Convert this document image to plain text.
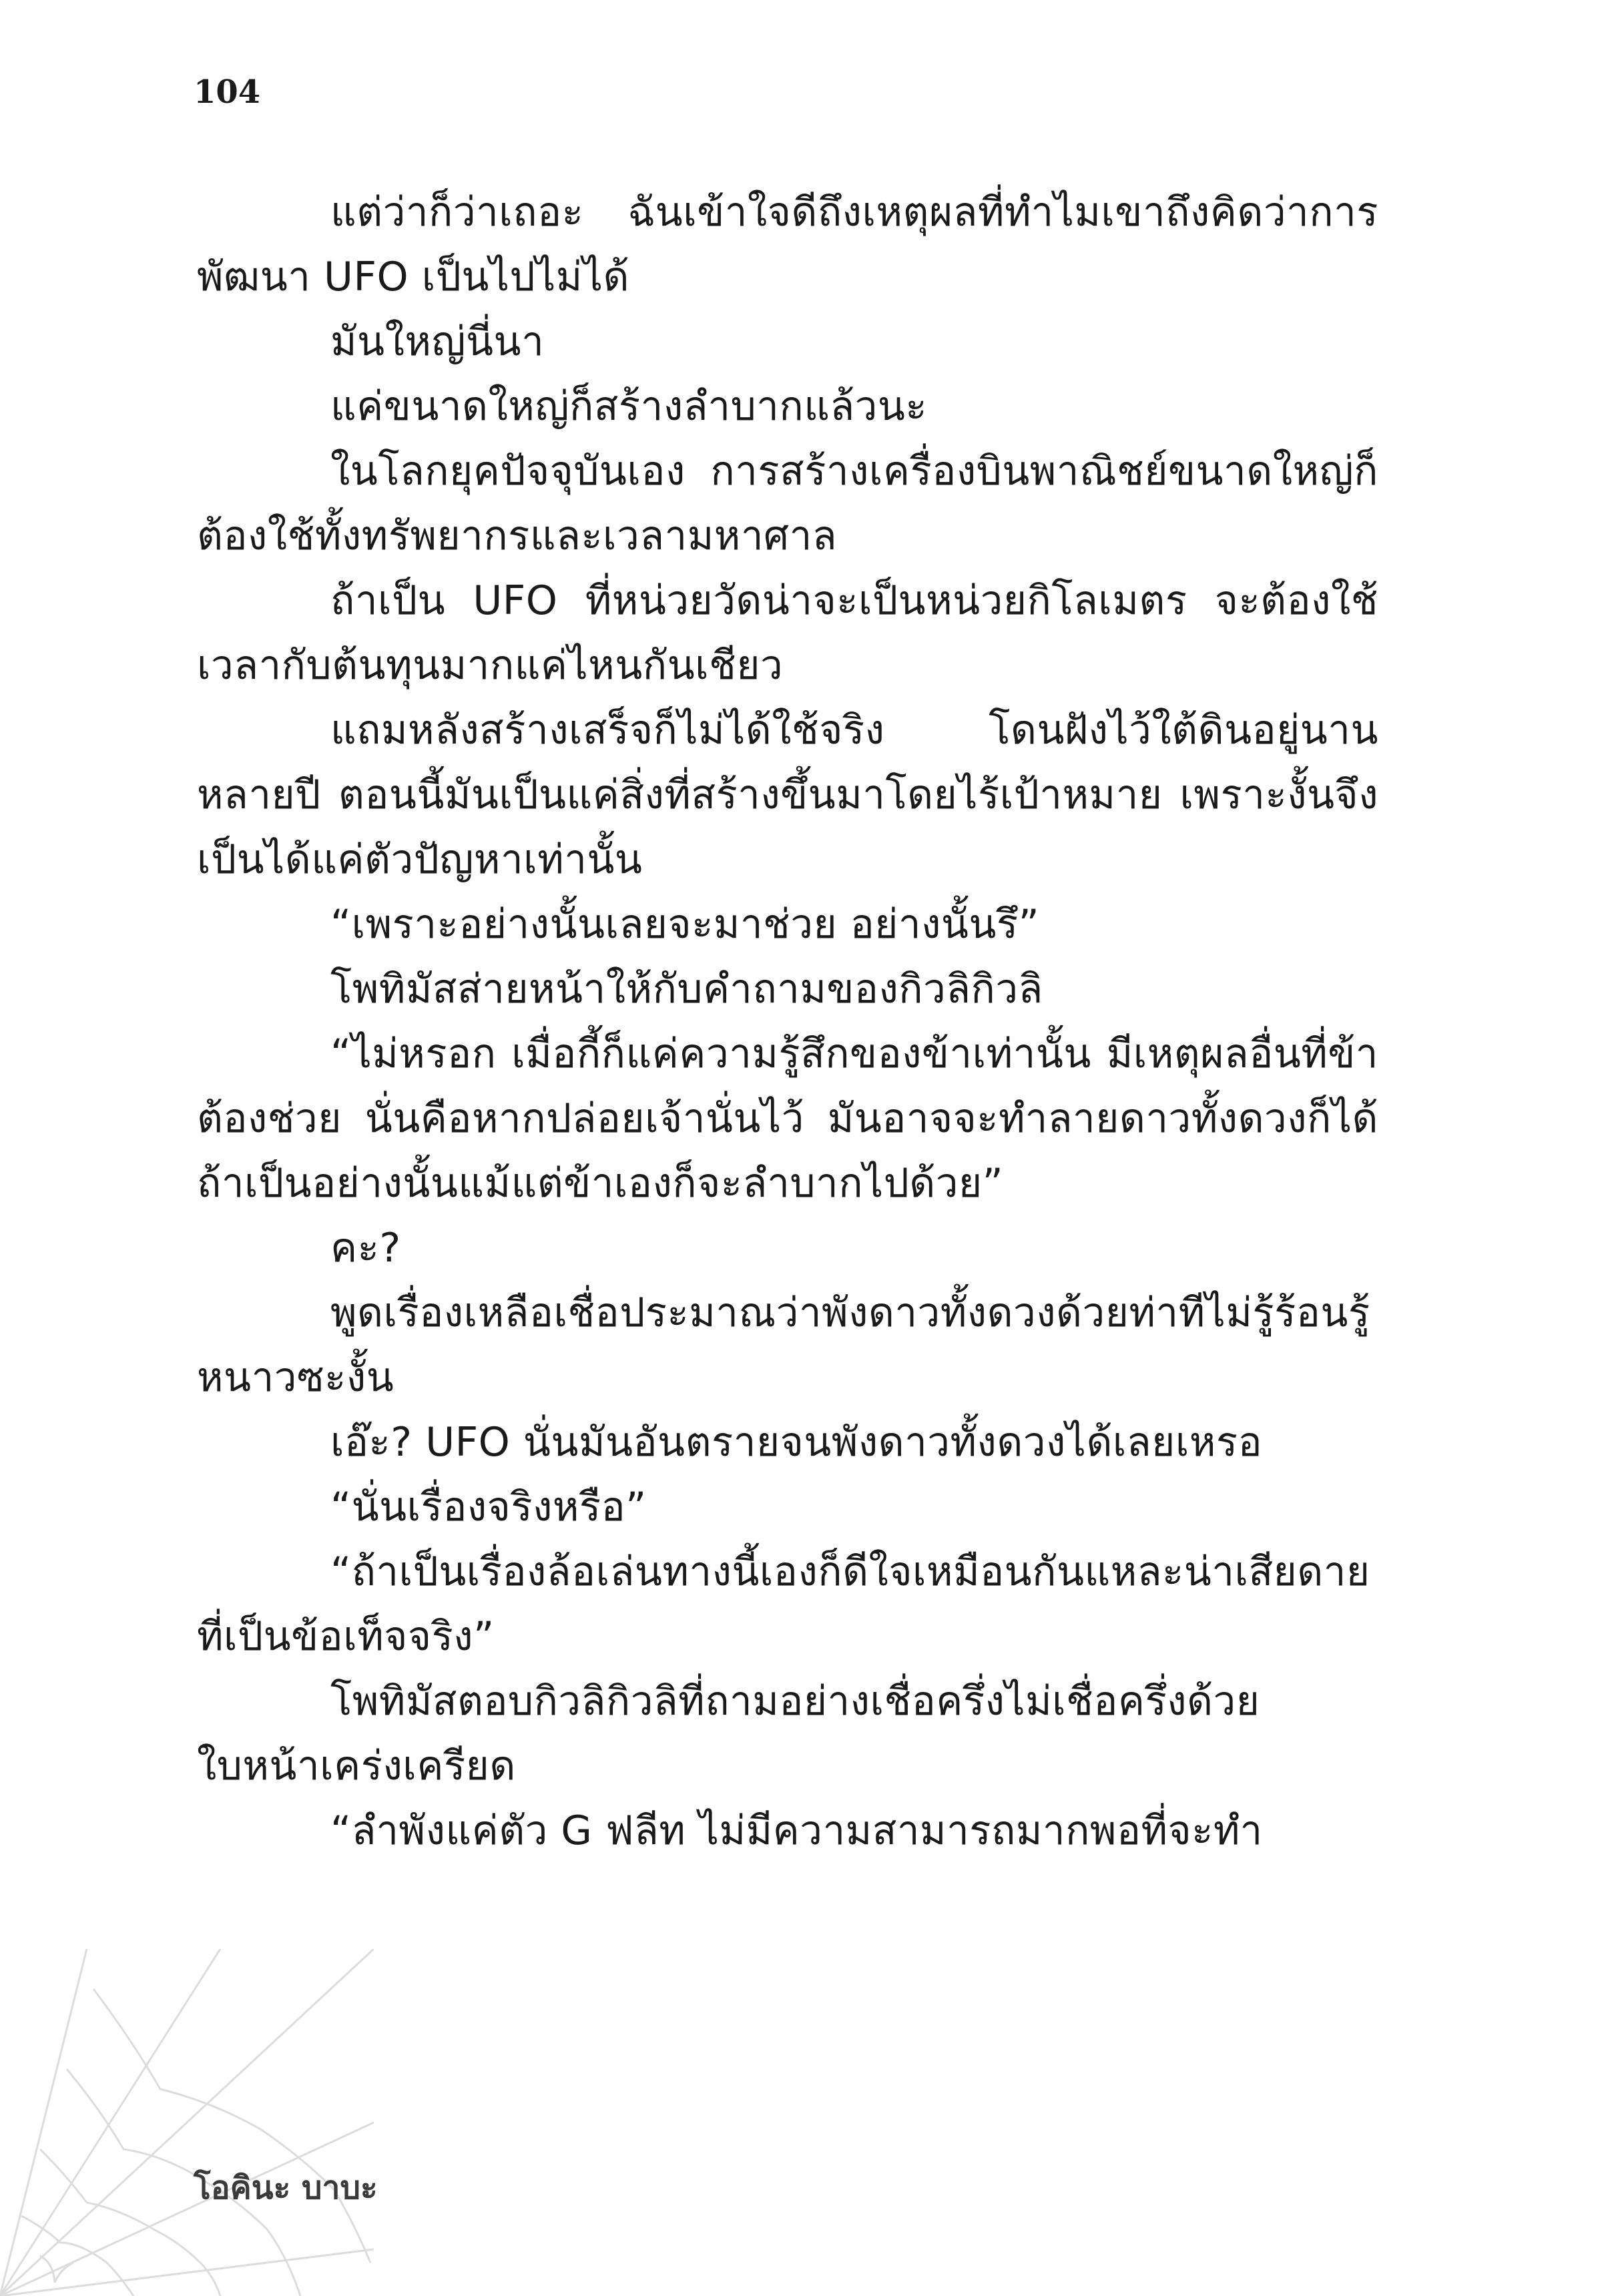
104

แต่ว่าก็ว่าเถอะ ฉันเข้าใจดีถึงเหตุผลที่ทำไมเขาถึงคิดว่าการพัฒนา UFO เป็นไปไม่ได้

มันใหญ่นี่นา

แค่ขนาดใหญ่ก็สร้างลำบากแล้วนะ

ในโลกยุคปัจจุบันเอง การสร้างเครื่องบินพาณิชย์ขนาดใหญ่ก็ต้องใช้ทั้งทรัพยากรและเวลามหาศาล

ถ้าเป็น UFO ที่หน่วยวัดน่าจะเป็นหน่วยกิโลเมตร จะต้องใช้เวลากับต้นทุนมากแค่ไหนกันเชียว

แถมหลังสร้างเสร็จก็ไม่ได้ใช้จริง โดนฝังไว้ใต้ดินอยู่นานหลายปี ตอนนี้มันเป็นแค่สิ่งที่สร้างขึ้นมาโดยไร้เป้าหมาย เพราะงั้นจึงเป็นได้แค่ตัวปัญหาเท่านั้น

“เพราะอย่างนั้นเลยจะมาช่วย อย่างนั้นรึ”

โพทิมัสส่ายหน้าให้กับคำถามของกิวลิกิวลิ

“ไม่หรอก เมื่อกี้ก็แค่ความรู้สึกของข้าเท่านั้น มีเหตุผลอื่นที่ข้าต้องช่วย นั่นคือหากปล่อยเจ้านั่นไว้ มันอาจจะทำลายดาวทั้งดวงก็ได้ ถ้าเป็นอย่างนั้นแม้แต่ข้าเองก็จะลำบากไปด้วย”

คะ?

พูดเรื่องเหลือเชื่อประมาณว่าพังดาวทั้งดวงด้วยท่าทีไม่รู้ร้อนรู้หนาวซะงั้น

เอ๊ะ? UFO นั่นมันอันตรายจนพังดาวทั้งดวงได้เลยเหรอ

“นั่นเรื่องจริงหรือ”

“ถ้าเป็นเรื่องล้อเล่นทางนี้เองก็ดีใจเหมือนกันแหละน่าเสียดายที่เป็นข้อเท็จจริง”

โพทิมัสตอบกิวลิกิวลิที่ถามอย่างเชื่อครึ่งไม่เชื่อครึ่งด้วยใบหน้าเคร่งเครียด

“ลำพังแค่ตัว G ฟลีท ไม่มีความสามารถมากพอที่จะทำ

โอคินะ บาบะ
